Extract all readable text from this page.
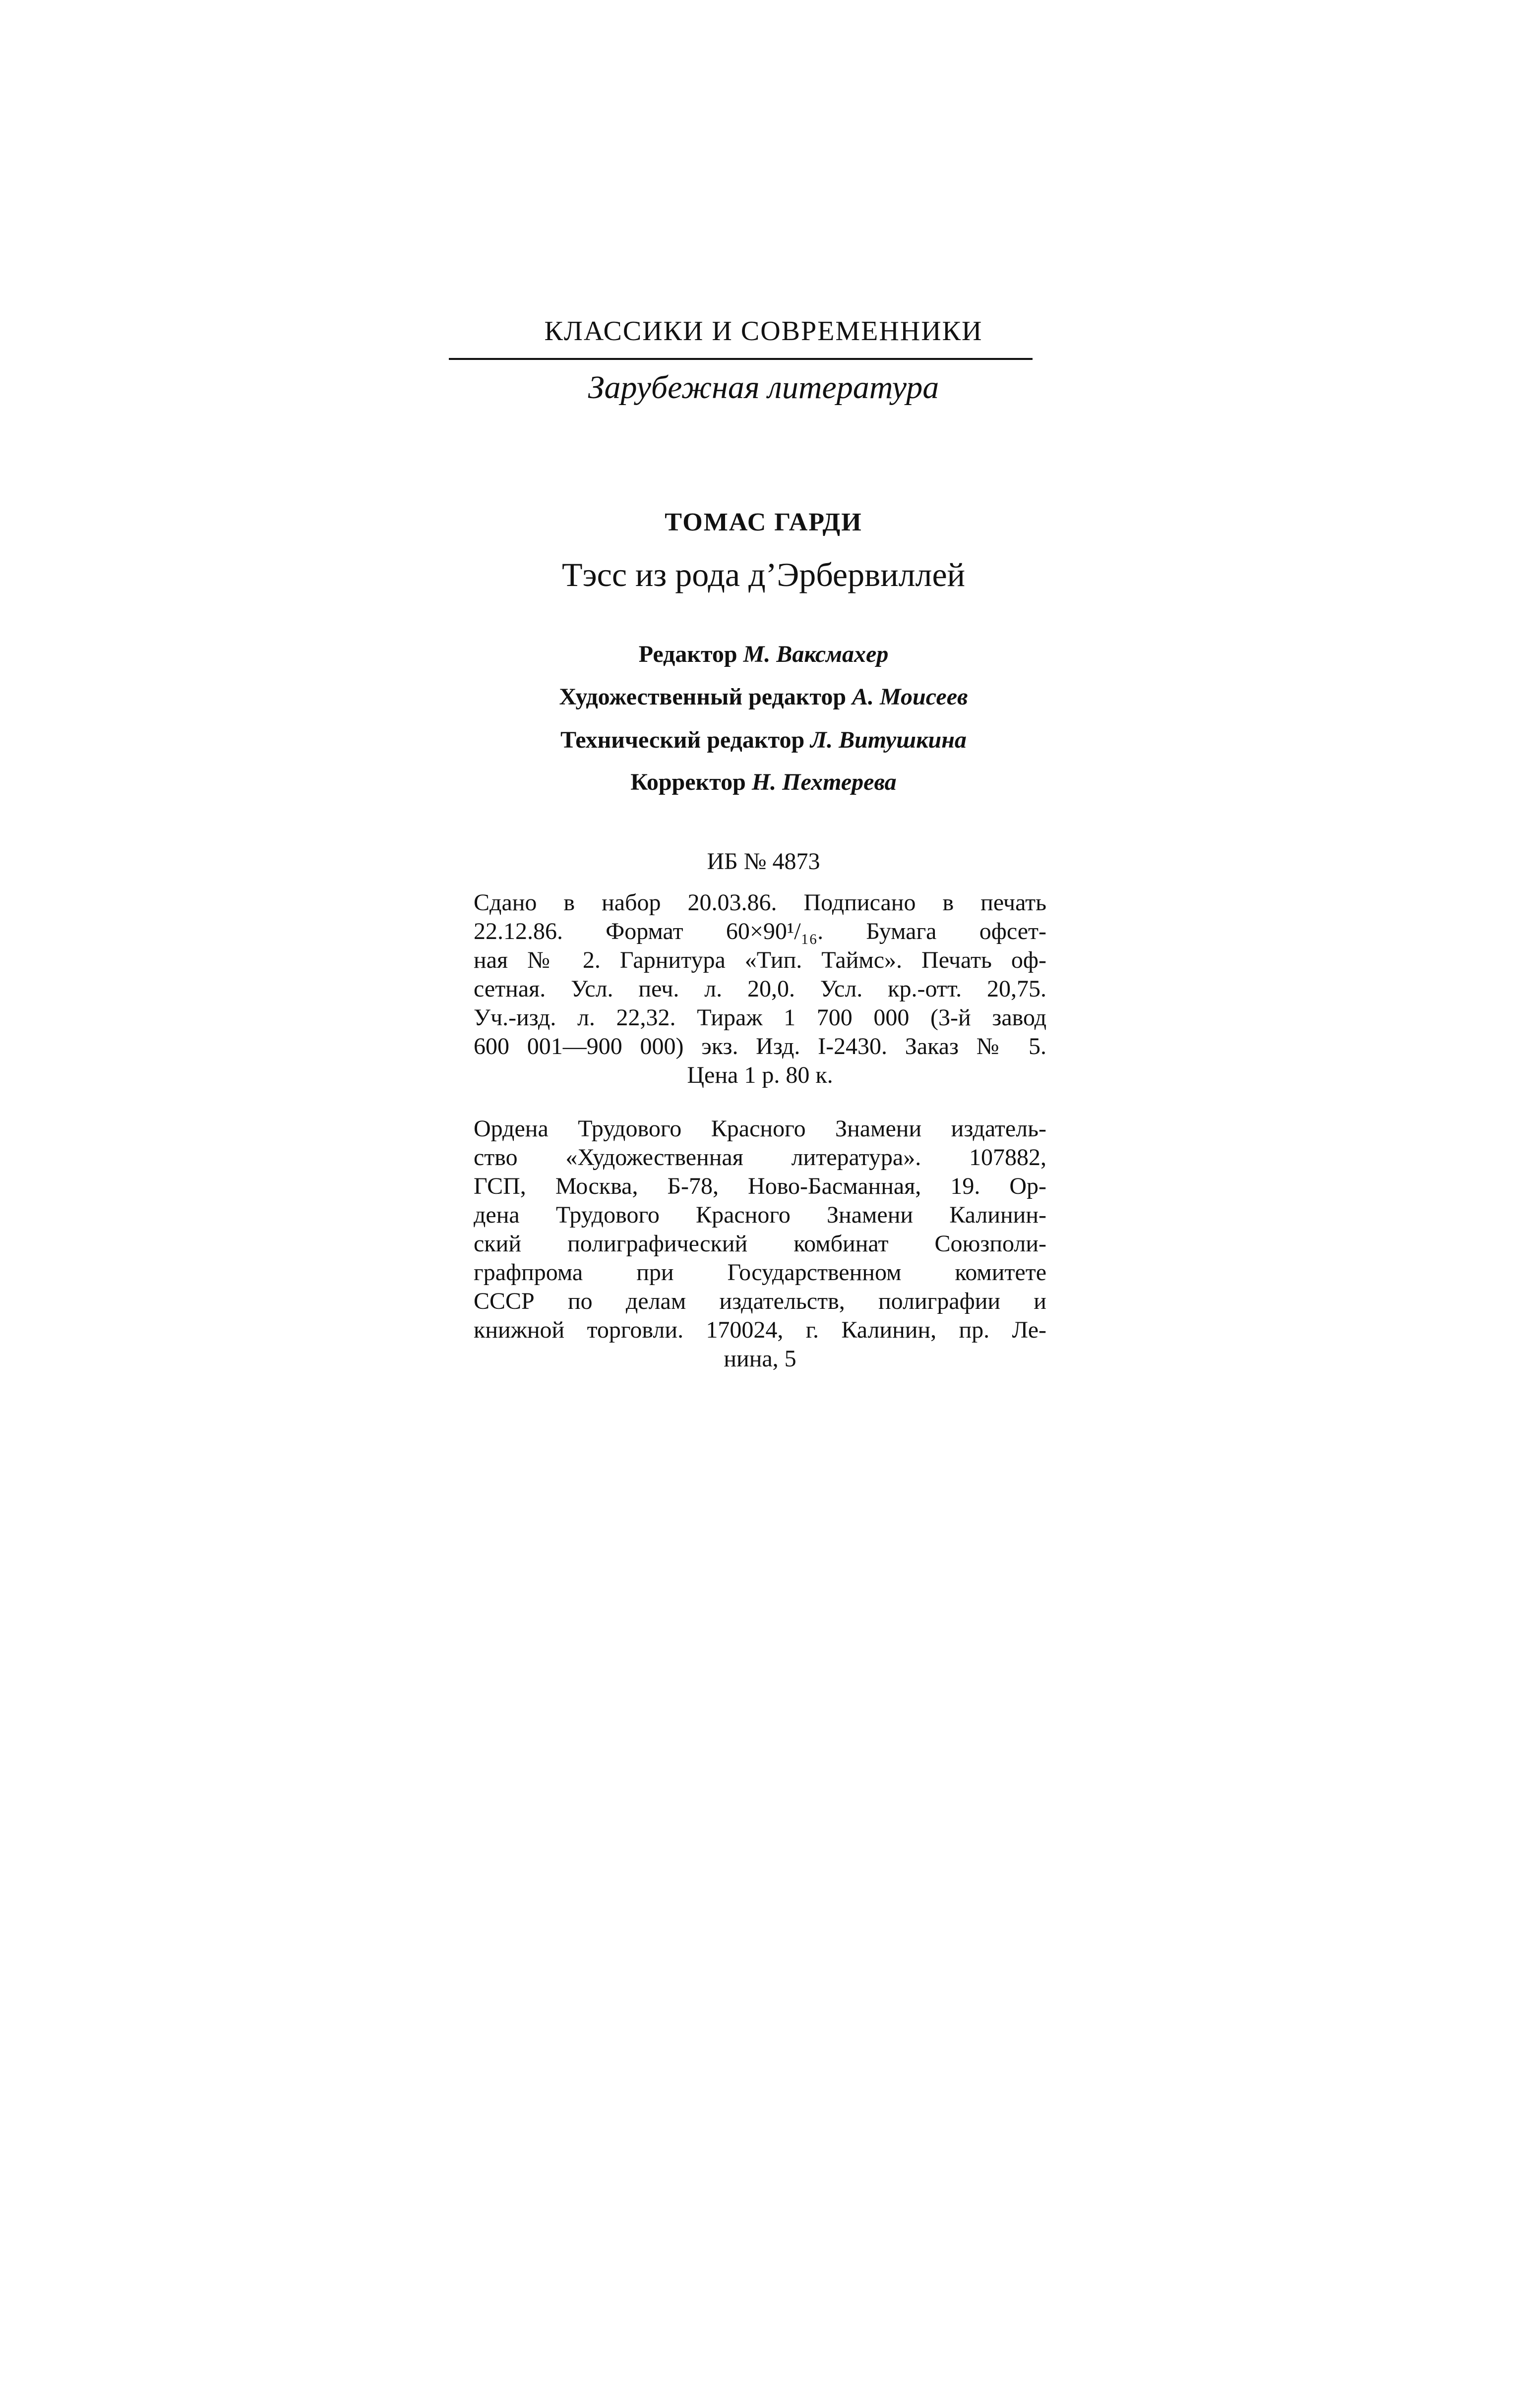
КЛАССИКИ И СОВРЕМЕННИКИ
Зарубежная литература
ТОМАС ГАРДИ
Тэсс из рода д’Эрбервиллей
Редактор М. Ваксмахер
Художественный редактор А. Моисеев
Технический редактор Л. Витушкина
Корректор Н. Пехтерева
ИБ № 4873
Сдано в набор 20.03.86. Подписано в печать
22.12.86. Формат 60×90¹/₁₆. Бумага офсет-
ная № 2. Гарнитура «Тип. Таймс». Печать оф-
сетная. Усл. печ. л. 20,0. Усл. кр.-отт. 20,75.
Уч.-изд. л. 22,32. Тираж 1 700 000 (3-й завод
600 001—900 000) экз. Изд. I-2430. Заказ № 5.
Цена 1 р. 80 к.
Ордена Трудового Красного Знамени издатель-
ство «Художественная литература». 107882,
ГСП, Москва, Б-78, Ново-Басманная, 19. Ор-
дена Трудового Красного Знамени Калинин-
ский полиграфический комбинат Союзполи-
графпрома при Государственном комитете
СССР по делам издательств, полиграфии и
книжной торговли. 170024, г. Калинин, пр. Ле-
нина, 5
